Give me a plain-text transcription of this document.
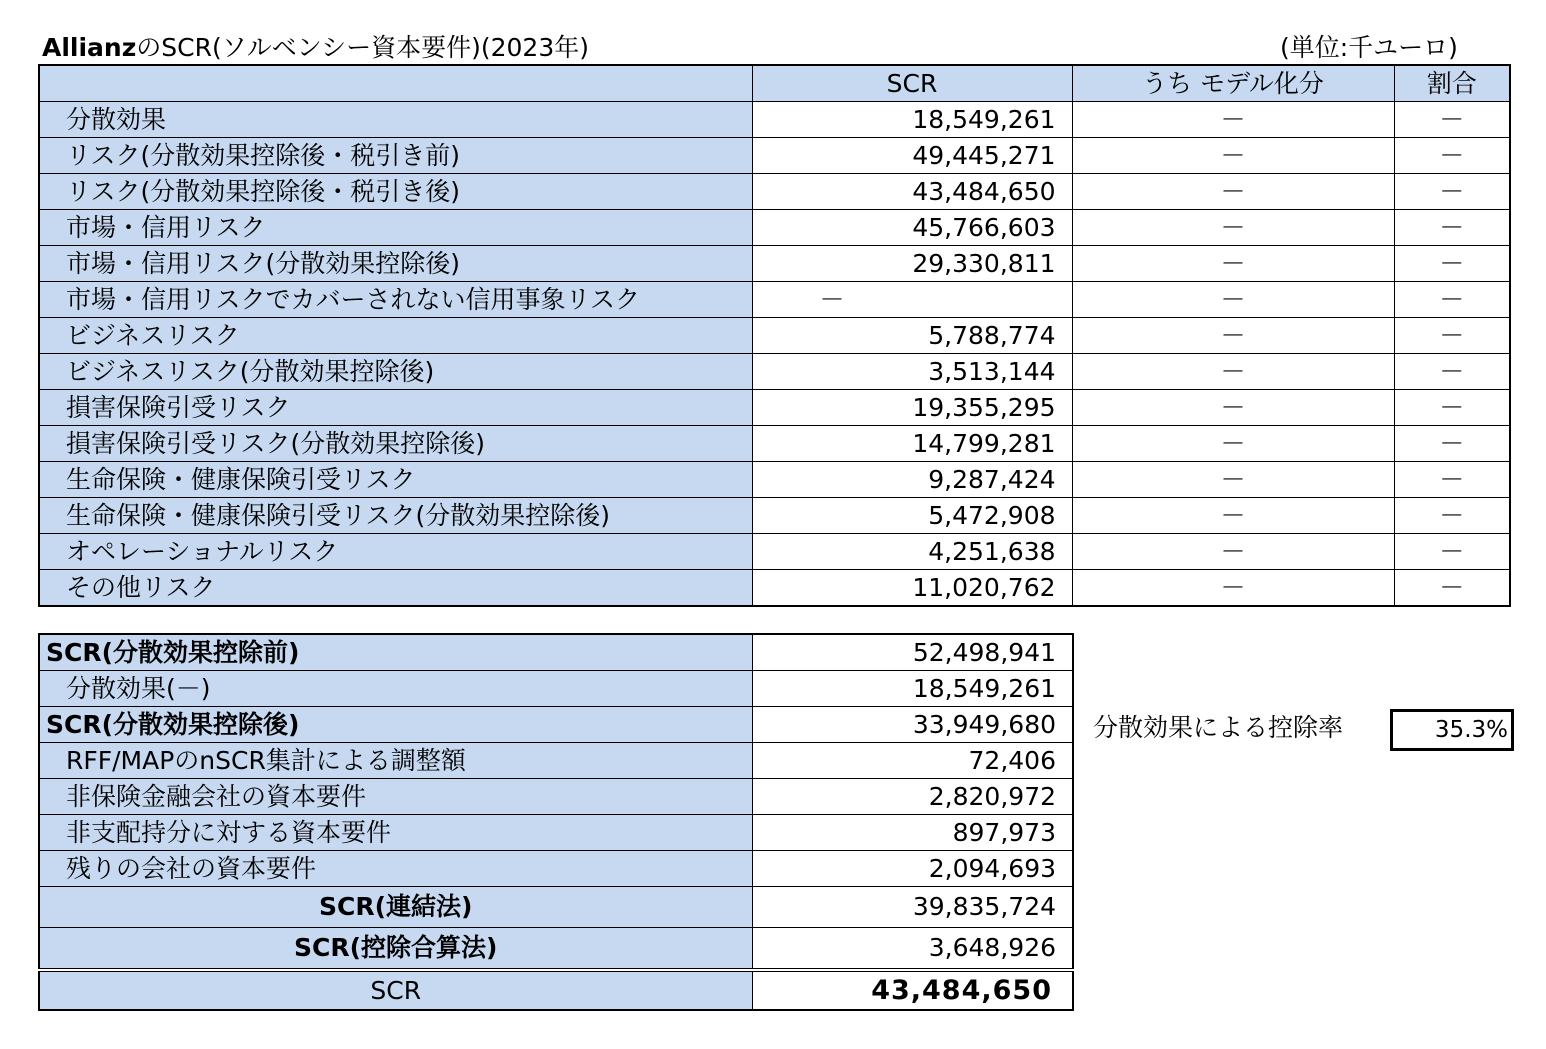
AllianzのSCR(ソルベンシー資本要件)(2023年)	(単位:千ユーロ)
	SCR	うち モデル化分	割合
分散効果	18,549,261	－	－
リスク(分散効果控除後・税引き前)	49,445,271	－	－
リスク(分散効果控除後・税引き後)	43,484,650	－	－
市場・信用リスク	45,766,603	－	－
市場・信用リスク(分散効果控除後)	29,330,811	－	－
市場・信用リスクでカバーされない信用事象リスク	－	－	－
ビジネスリスク	5,788,774	－	－
ビジネスリスク(分散効果控除後)	3,513,144	－	－
損害保険引受リスク	19,355,295	－	－
損害保険引受リスク(分散効果控除後)	14,799,281	－	－
生命保険・健康保険引受リスク	9,287,424	－	－
生命保険・健康保険引受リスク(分散効果控除後)	5,472,908	－	－
オペレーショナルリスク	4,251,638	－	－
その他リスク	11,020,762	－	－
SCR(分散効果控除前)	52,498,941
分散効果(－)	18,549,261
SCR(分散効果控除後)	33,949,680
RFF/MAPのnSCR集計による調整額	72,406
非保険金融会社の資本要件	2,820,972
非支配持分に対する資本要件	897,973
残りの会社の資本要件	2,094,693
SCR(連結法)	39,835,724
SCR(控除合算法)	3,648,926
SCR	43,484,650
分散効果による控除率	35.3%
